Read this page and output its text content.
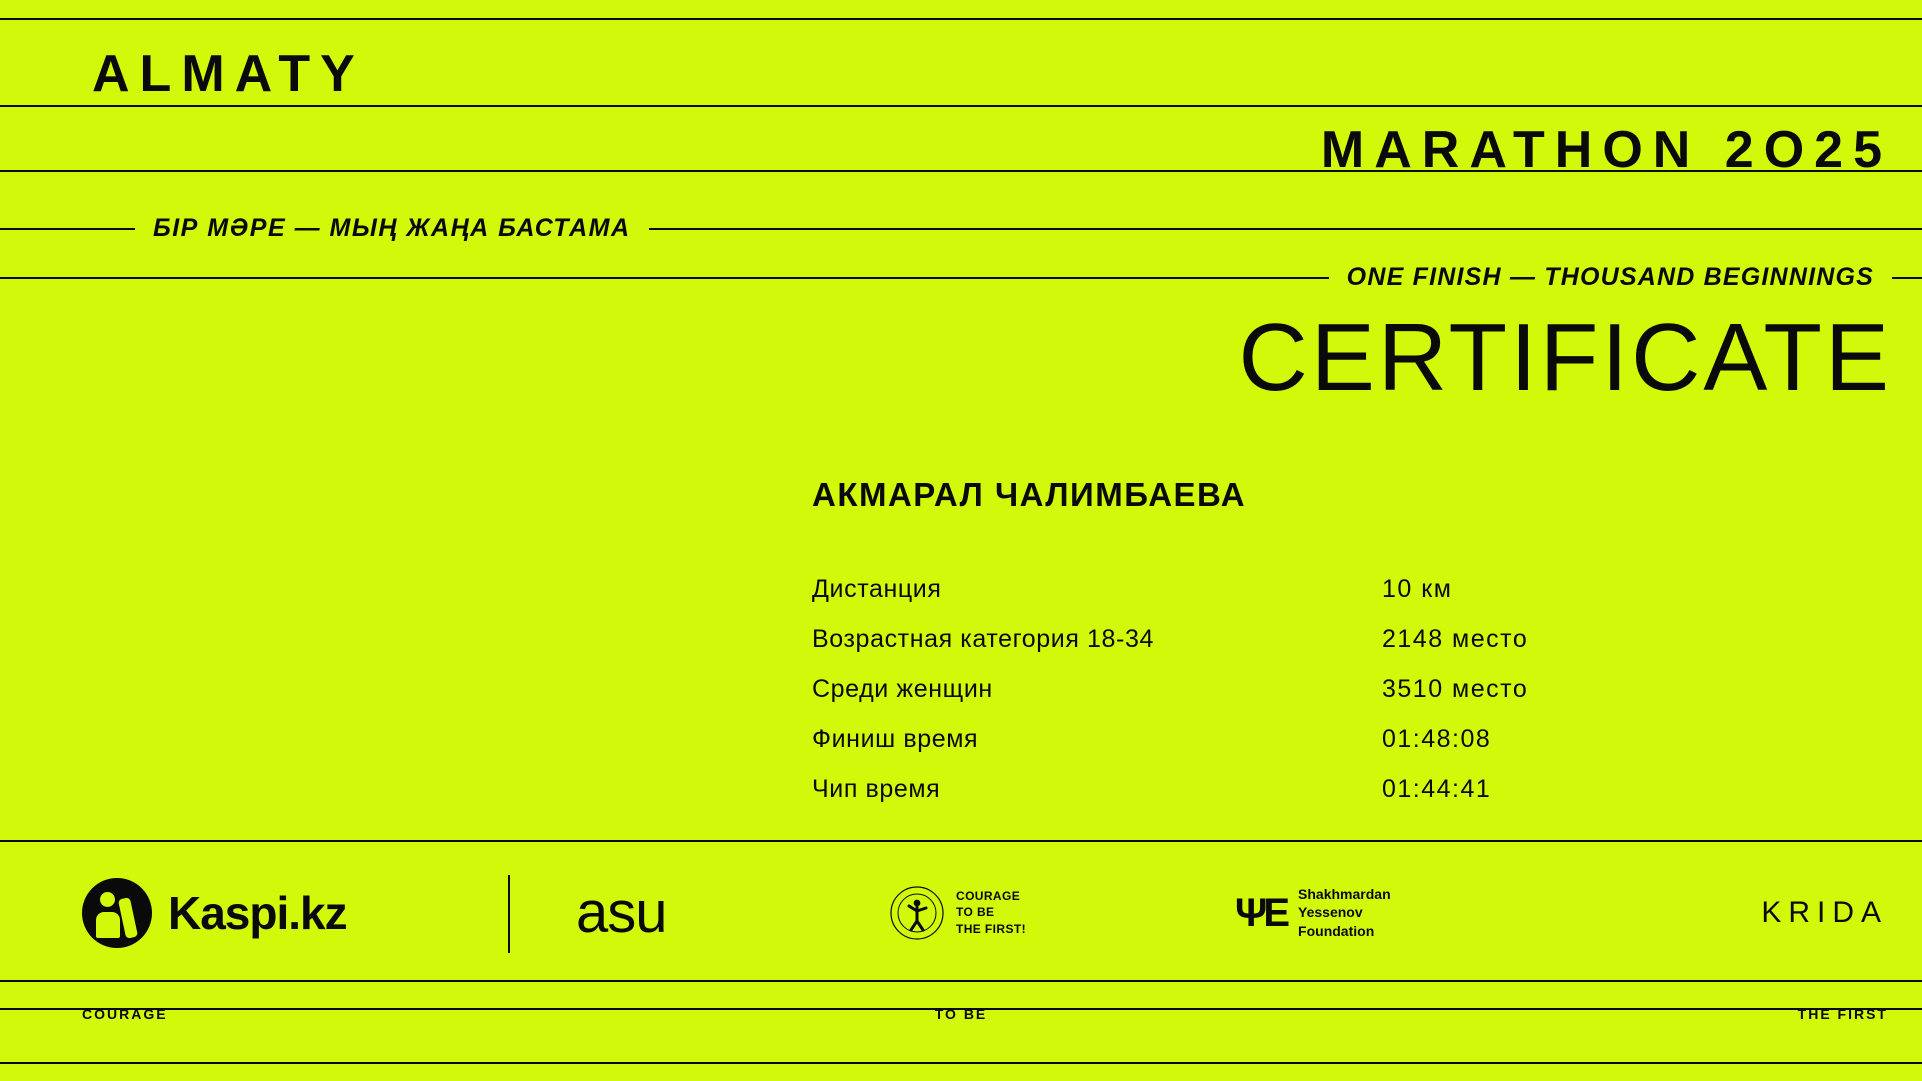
ALMATY
MARATHON 2O25
БІР МӘРЕ — МЫҢ ЖАҢА БАСТАМА
ONE FINISH — THOUSAND BEGINNINGS
CERTIFICATE
АКМАРАЛ ЧАЛИМБАЕВА
Дистанция	10 км
Возрастная категория 18-34	2148 место
Среди женщин	3510 место
Финиш время	01:48:08
Чип время	01:44:41
Kaspi.kz	asu	COURAGE
TO BE
THE FIRST!	ΨΕ Shakhmardan
Yessenov
Foundation
KRIDA
COURAGE	TO BE	THE FIRST
